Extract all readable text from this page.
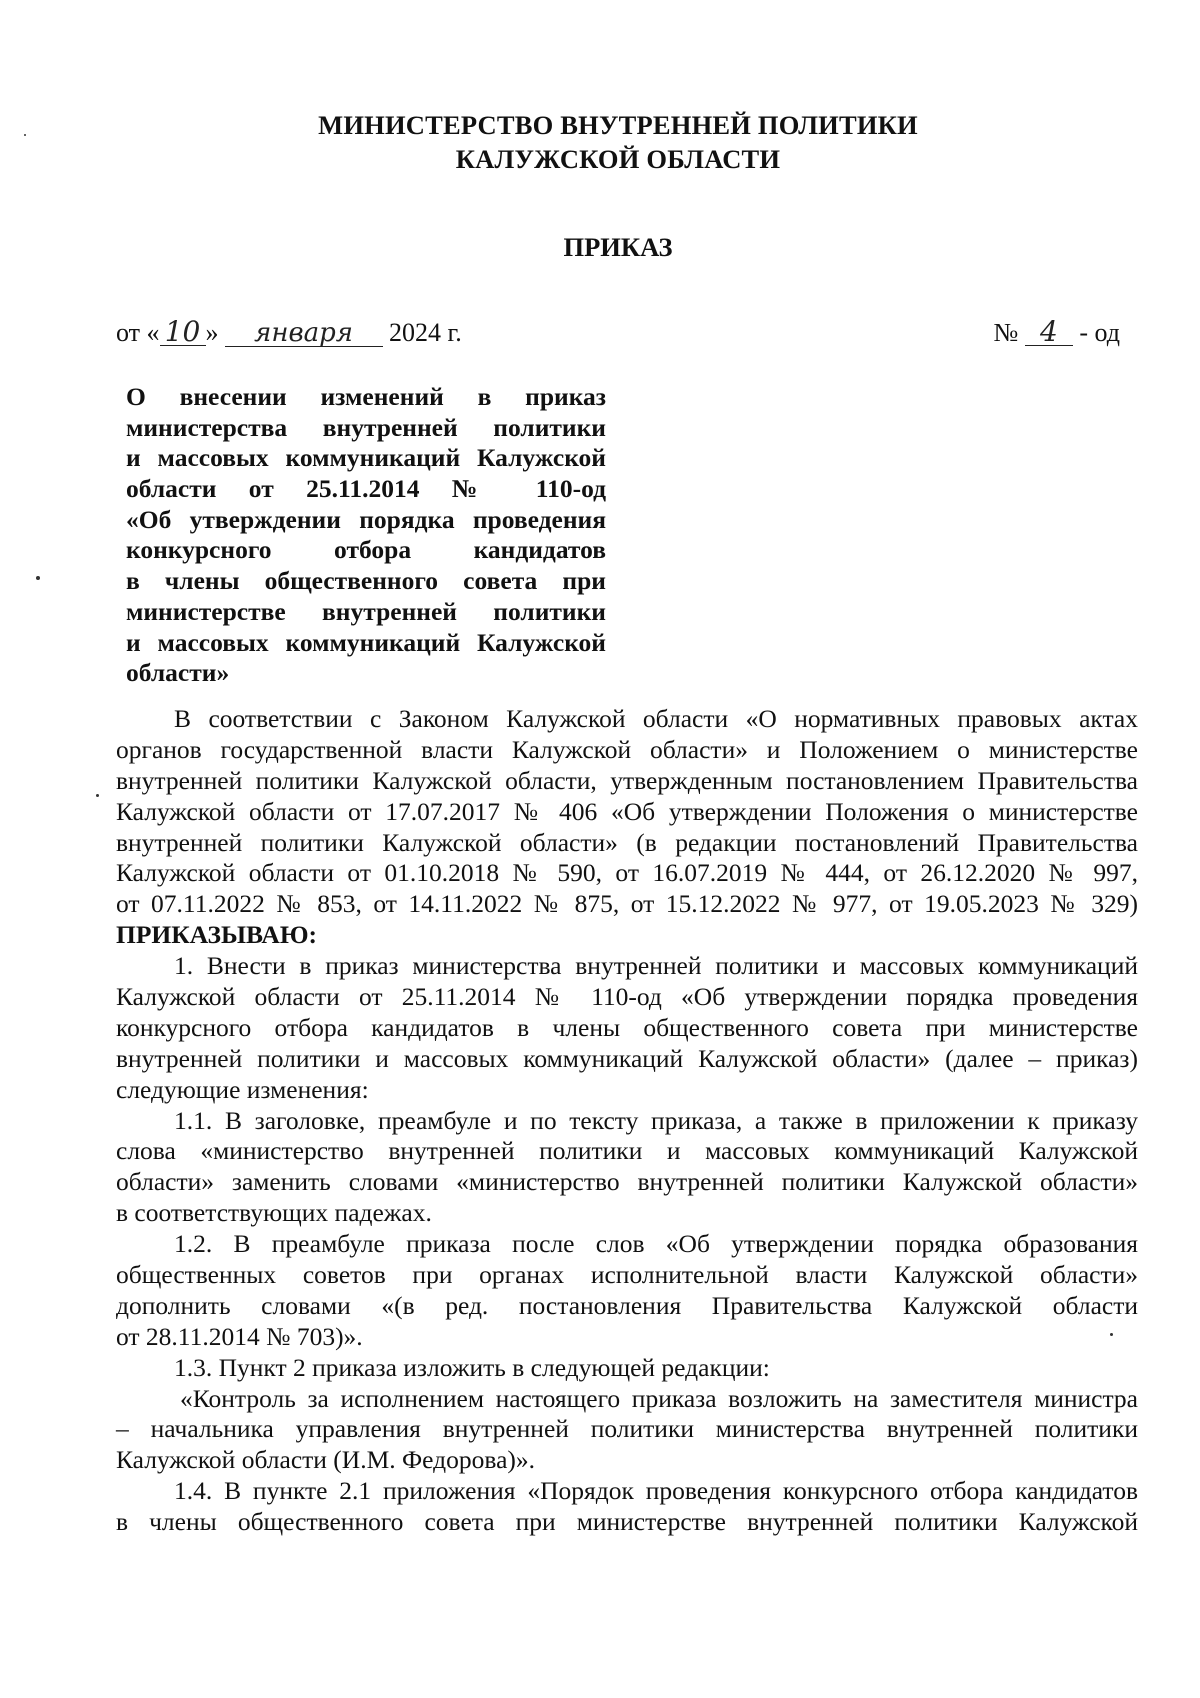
МИНИСТЕРСТВО ВНУТРЕННЕЙ ПОЛИТИКИ
КАЛУЖСКОЙ ОБЛАСТИ
ПРИКАЗ
от « 10 » января 2024 г.	№ 4 - од
О внесении изменений в приказ
министерства внутренней политики
и массовых коммуникаций Калужской
области от 25.11.2014 № 110-од
«Об утверждении порядка проведения
конкурсного отбора кандидатов
в члены общественного совета при
министерстве внутренней политики
и массовых коммуникаций Калужской
области»
В соответствии с Законом Калужской области «О нормативных правовых актах
органов государственной власти Калужской области» и Положением о министерстве
внутренней политики Калужской области, утвержденным постановлением Правительства
Калужской области от 17.07.2017 № 406 «Об утверждении Положения о министерстве
внутренней политики Калужской области» (в редакции постановлений Правительства
Калужской области от 01.10.2018 № 590, от 16.07.2019 № 444, от 26.12.2020 № 997,
от 07.11.2022 № 853, от 14.11.2022 № 875, от 15.12.2022 № 977, от 19.05.2023 № 329)
ПРИКАЗЫВАЮ:
1. Внести в приказ министерства внутренней политики и массовых коммуникаций
Калужской области от 25.11.2014 № 110-од «Об утверждении порядка проведения
конкурсного отбора кандидатов в члены общественного совета при министерстве
внутренней политики и массовых коммуникаций Калужской области» (далее – приказ)
следующие изменения:
1.1. В заголовке, преамбуле и по тексту приказа, а также в приложении к приказу
слова «министерство внутренней политики и массовых коммуникаций Калужской
области» заменить словами «министерство внутренней политики Калужской области»
в соответствующих падежах.
1.2. В преамбуле приказа после слов «Об утверждении порядка образования
общественных советов при органах исполнительной власти Калужской области»
дополнить словами «(в ред. постановления Правительства Калужской области
от 28.11.2014 № 703)».
1.3. Пункт 2 приказа изложить в следующей редакции:
«Контроль за исполнением настоящего приказа возложить на заместителя министра
– начальника управления внутренней политики министерства внутренней политики
Калужской области (И.М. Федорова)».
1.4. В пункте 2.1 приложения «Порядок проведения конкурсного отбора кандидатов
в члены общественного совета при министерстве внутренней политики Калужской
